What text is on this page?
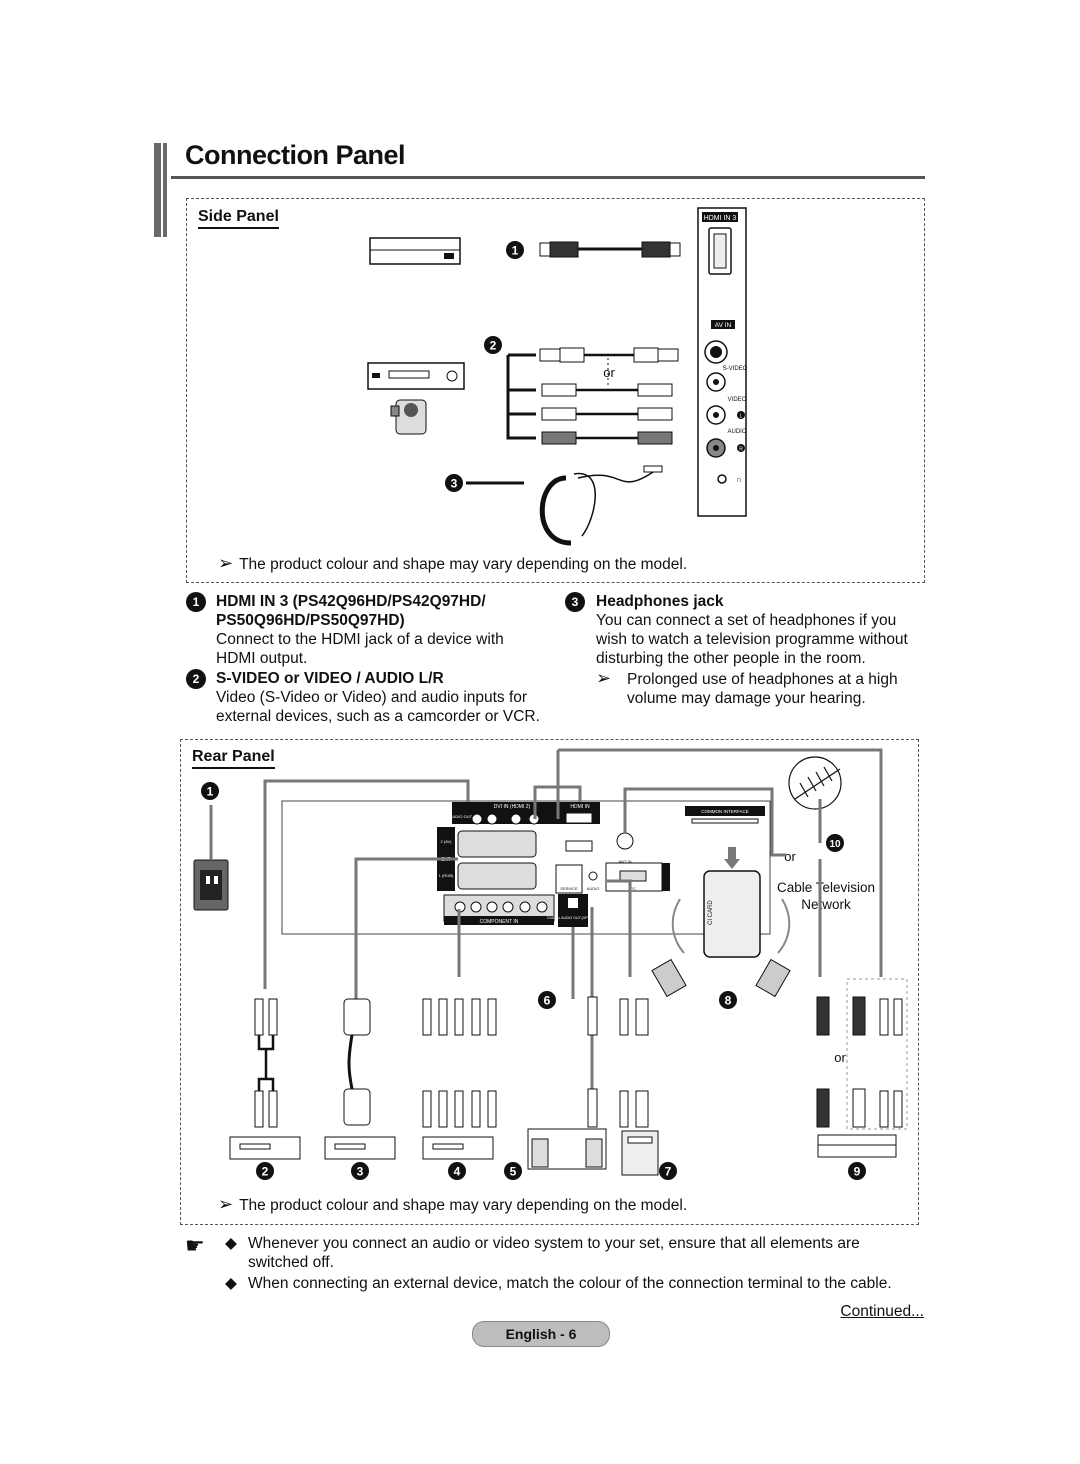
Connection Panel
Side Panel
1
2
or
3
HDMI IN 3
AV IN
S-VIDEO
VIDEO
L
AUDIO
R
∩
➢ The product colour and shape may vary depending on the model.
1	HDMI IN 3 (PS42Q96HD/PS42Q97HD/
PS50Q96HD/PS50Q97HD)
Connect to the HDMI jack of a device with
HDMI output.
2	S-VIDEO or VIDEO / AUDIO L/R
Video (S-Video or Video) and audio inputs for
external devices, such as a camcorder or VCR.
3	Headphones jack
You can connect a set of headphones if you
wish to watch a television programme without
disturbing the other people in the room.
➢ Prolonged use of headphones at a high
volume may damage your hearing.
Rear Panel
DVI IN (HDMI 2)	HDMI IN
AUDIO OUT
EXT
2 (AV)
1 (RGB)
COMPONENT IN
DIGITAL AUDIO OUT (OPTICAL)
SERVICE AUDIO	PC
ANT IN
COMMON INTERFACE
CI CARD
or
Cable Television
Network
1
2	3	4	5
6
7
8
9
10
or
➢ The product colour and shape may vary depending on the model.
☛ ◆ Whenever you connect an audio or video system to your set, ensure that all elements are
switched off.
◆ When connecting an external device, match the colour of the connection terminal to the cable.
Continued...
English - 6
